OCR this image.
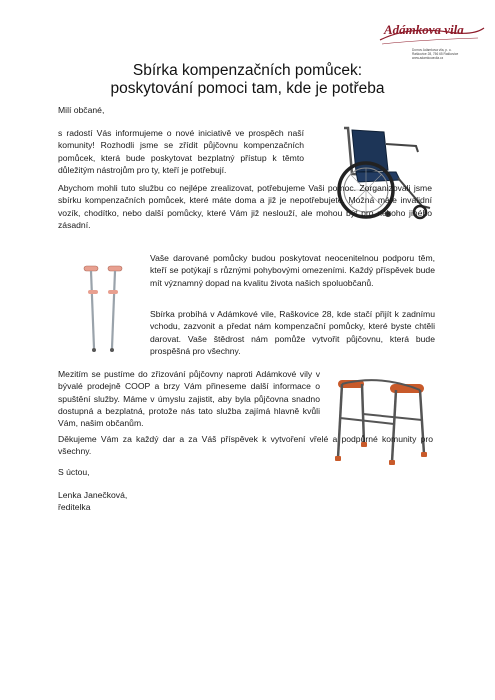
Adámkova vila
Domov Adámkova vila, p. o.
Raškovice 28, 756 65 Raškovice
www.adamkovavila.cz
Sbírka kompenzačních pomůcek:
poskytování pomoci tam, kde je potřeba

Milí občané,

s radostí Vás informujeme o nové iniciativě ve prospěch naší komunity! Rozhodli jsme se zřídit půjčovnu kompenzačních pomůcek, která bude poskytovat bezplatný přístup k těmto důležitým nástrojům pro ty, kteří je potřebují.

Abychom mohli tuto službu co nejlépe zrealizovat, potřebujeme Vaši pomoc. Zorganizovali jsme sbírku kompenzačních pomůcek, které máte doma a již je nepotřebujete. Možná máte invalidní vozík, chodítko, nebo další pomůcky, které Vám již neslouží, ale mohou být pro někoho jiného zásadní.

Vaše darované pomůcky budou poskytovat neocenitelnou podporu těm, kteří se potýkají s různými pohybovými omezeními. Každý příspěvek bude mít významný dopad na kvalitu života našich spoluobčanů.

Sbírka probíhá v Adámkové vile, Raškovice 28, kde stačí přijít k zadnímu vchodu, zazvonit a předat nám kompenzační pomůcky, které byste chtěli darovat. Vaše štědrost nám pomůže vytvořit půjčovnu, která bude prospěšná pro všechny.

Mezitím se pustíme do zřizování půjčovny naproti Adámkové vily v bývalé prodejně COOP a brzy Vám přineseme další informace o spuštění služby. Máme v úmyslu zajistit, aby byla půjčovna snadno dostupná a bezplatná, protože nás tato služba zajímá hlavně kvůli Vám, našim občanům.

Děkujeme Vám za každý dar a za Váš příspěvek k vytvoření vřelé a podpůrné komunity pro všechny.

S úctou,

Lenka Janečková,

ředitelka
